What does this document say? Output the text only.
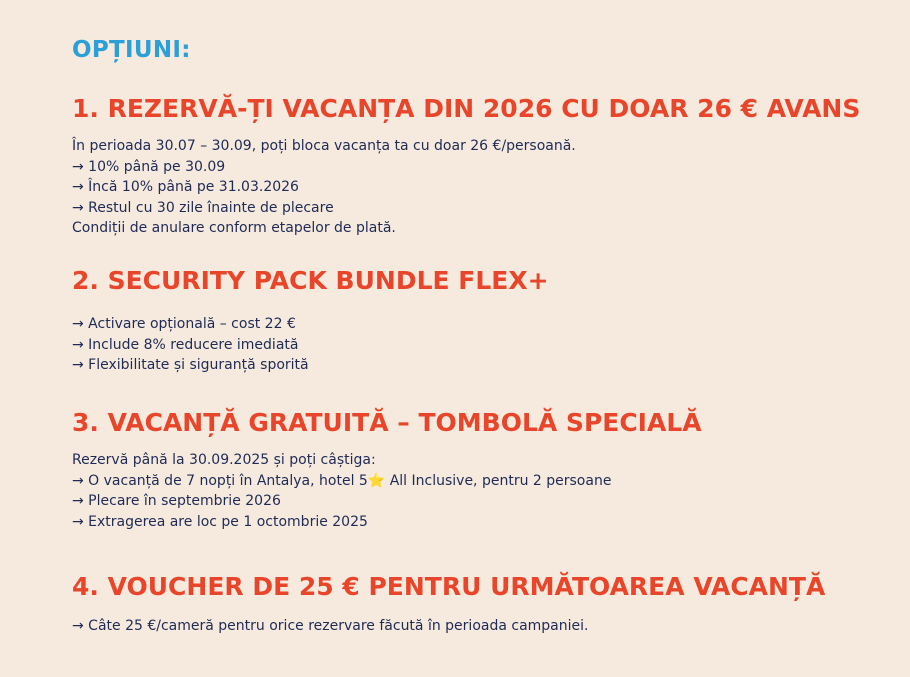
OPȚIUNI:
1. REZERVĂ-ȚI VACANȚA DIN 2026 CU DOAR 26 € AVANS

În perioada 30.07 – 30.09, poți bloca vacanța ta cu doar 26 €/persoană.

→ 10% până pe 30.09

→ Încă 10% până pe 31.03.2026

→ Restul cu 30 zile înainte de plecare

Condiții de anulare conform etapelor de plată.

2. SECURITY PACK BUNDLE FLEX+

→ Activare opțională – cost 22 €

→ Include 8% reducere imediată

→ Flexibilitate și siguranță sporită

3. VACANȚĂ GRATUITĂ – TOMBOLĂ SPECIALĂ

Rezervă până la 30.09.2025 și poți câștiga:

→ O vacanță de 7 nopți în Antalya, hotel 5⭐ All Inclusive, pentru 2 persoane

→ Plecare în septembrie 2026

→ Extragerea are loc pe 1 octombrie 2025

4. VOUCHER DE 25 € PENTRU URMĂTOAREA VACANȚĂ

→ Câte 25 €/cameră pentru orice rezervare făcută în perioada campaniei.
